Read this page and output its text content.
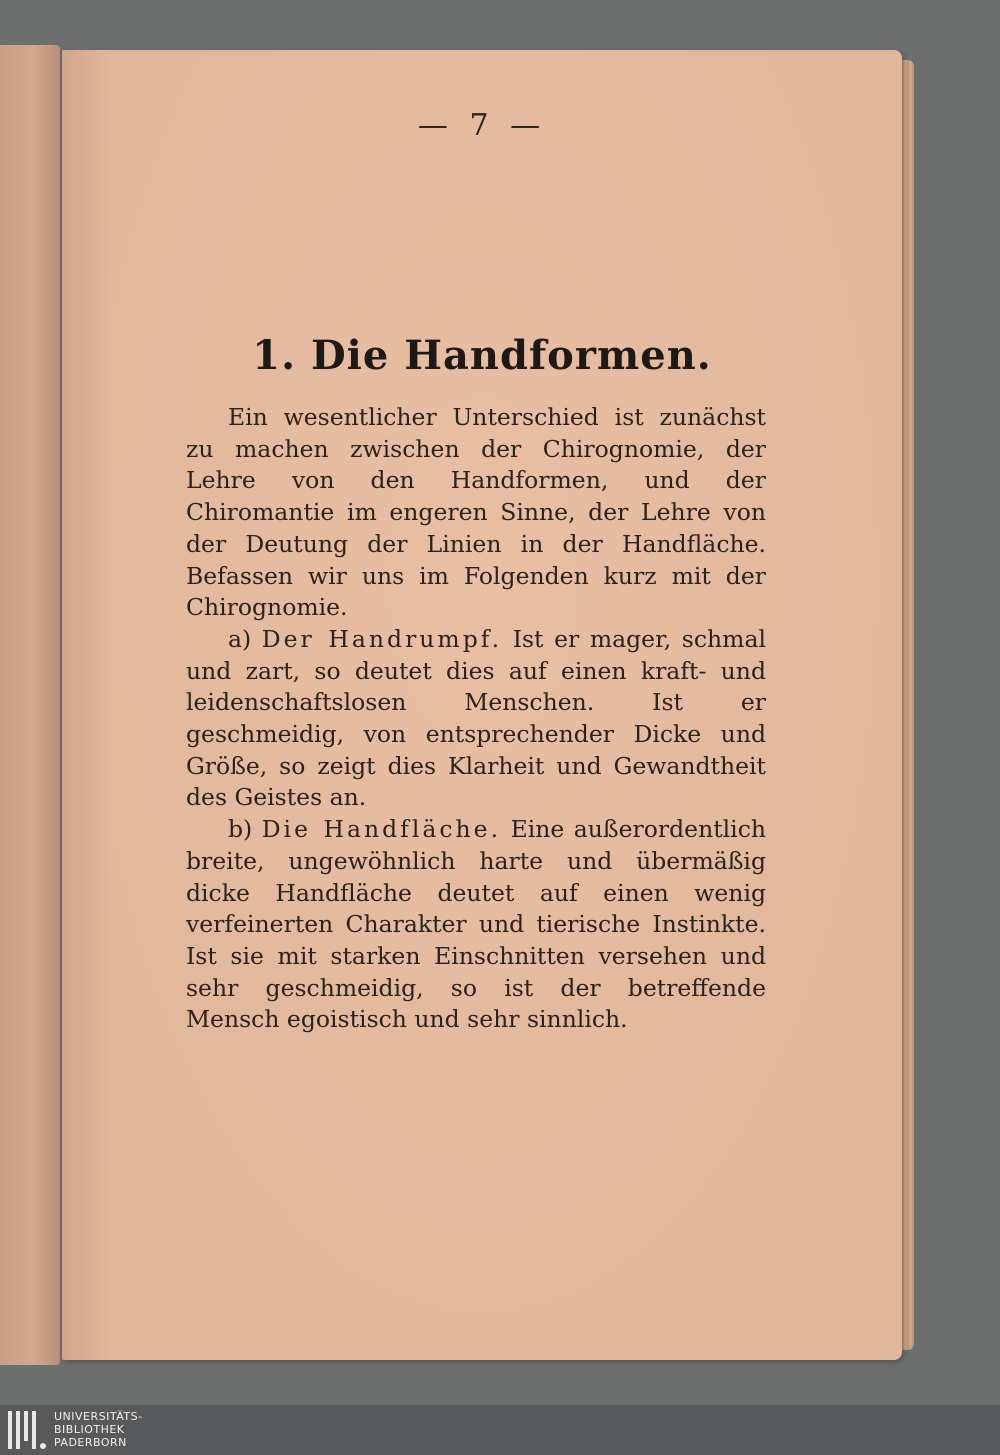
— 7 —
1. Die Handformen.

Ein wesentlicher Unterschied ist zunächst zu machen zwischen der Chirognomie, der Lehre von den Handformen, und der Chiromantie im engeren Sinne, der Lehre von der Deutung der Linien in der Handfläche. Befassen wir uns im Folgenden kurz mit der Chirognomie.

a) Der Handrumpf. Ist er mager, schmal und zart, so deutet dies auf einen kraft- und leidenschaftslosen Menschen. Ist er geschmeidig, von entsprechender Dicke und Größe, so zeigt dies Klarheit und Gewandtheit des Geistes an.

b) Die Handfläche. Eine außerordentlich breite, ungewöhnlich harte und übermäßig dicke Handfläche deutet auf einen wenig verfeinerten Charakter und tierische Instinkte. Ist sie mit starken Einschnitten versehen und sehr geschmeidig, so ist der betreffende Mensch egoistisch und sehr sinnlich.

UNIVERSITÄTS-
BIBLIOTHEK
PADERBORN
